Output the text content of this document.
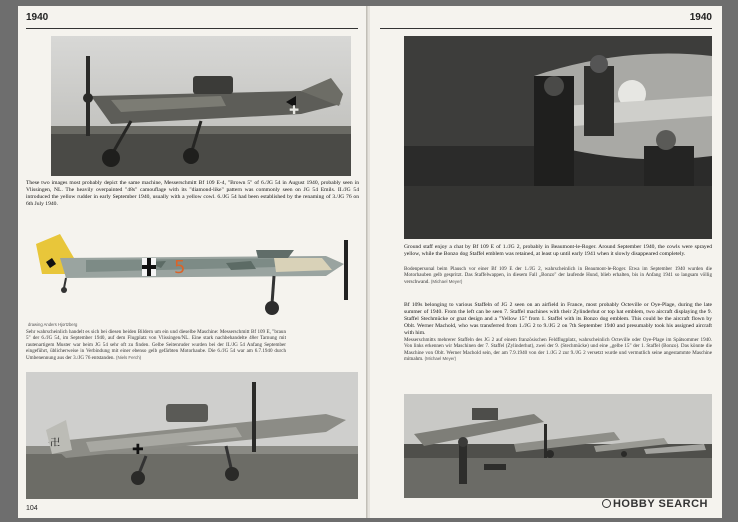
1940
✚

These two images most probably depict the same machine, Messerschmitt Bf 109 E-4, "Brown 5" of 6./JG 54 in August 1940, probably seen in Vlissingen, NL. The heavily overpainted "48s" camouflage with its "diamond-like" pattern was commonly seen on JG 54 Emils. II./JG 54 introduced the yellow rudder in early September 1940, usually with a yellow cowl. 6./JG 54 had been established by the renaming of 3./JG 76 on 6th July 1940.

5
drawing Anders Hjortzberg

Sehr wahrscheinlich handelt es sich bei diesen beiden Bildern um ein und dieselbe Maschine: Messerschmitt Bf 109 E, "braun 5" der 6./JG 54, im September 1940, auf dem Flugplatz von Vlissingen/NL. Eine stark nachbehandelte 48er Tarnung mit rautenartigem Muster war beim JG 54 sehr oft zu finden. Gelbe Seitenruder wurden bei der II./JG 54 Anfang September eingeführt, üblicherweise in Verbindung mit einer ebenso gelb gefärbten Motorhaube. Die 6./JG 54 war am 6.7.1940 durch Umbenennung aus der 3./JG 76 entstanden. (Niels Ferch)

卍	✚
104
1940

Ground staff enjoy a chat by Bf 109 E of 1./JG 2, probably in Beaumont-le-Roger. Around September 1940, the cowls were sprayed yellow, while the Bonzo dog Staffel emblem was retained, at least up until early 1941 when it slowly disappeared completely.

Bodenpersonal beim Plausch vor einer Bf 109 E der 1./JG 2, wahrscheinlich in Beaumont-le-Roger. Etwa im September 1940 wurden die Motorhauben gelb gespritzt. Das Staffelwappen, in diesem Fall „Bonzo" der laufende Hund, blieb erhalten, bis in Anfang 1941 so langsam völlig verschwand. (Michael Meyer)

Bf 109s belonging to various Staffeln of JG 2 seen on an airfield in France, most probably Octeville or Oye-Plage, during the late summer of 1940. From the left can be seen 7. Staffel machines with their Zylinderhut or top hat emblem, two aircraft displaying the 9. Staffel Stechmücke or gnat design and a "Yellow 15" from 1. Staffel with its Bonzo dog emblem. This could be the aircraft flown by Oblt. Werner Machold, who was transferred from 1./JG 2 to 9./JG 2 on 7th September 1940 and presumably took his assigned aircraft with him.

Messerschmitts mehrerer Staffeln des JG 2 auf einem französischen Feldflugplatz, wahrscheinlich Octeville oder Oye-Plage im Spätsommer 1940. Von links erkennen wir Maschinen der 7. Staffel (Zylinderhut), zwei der 9. (Stechmücke) und eine „gelbe 15" der 1. Staffel (Bonzo). Das könnte die Maschine von Oblt. Werner Machold sein, der am 7.9.1940 von der 1./JG 2 zur 9./JG 2 versetzt wurde und vermutlich seine angestammte Maschine mitnahm. (Michael Meyer)

HOBBY SEARCH
